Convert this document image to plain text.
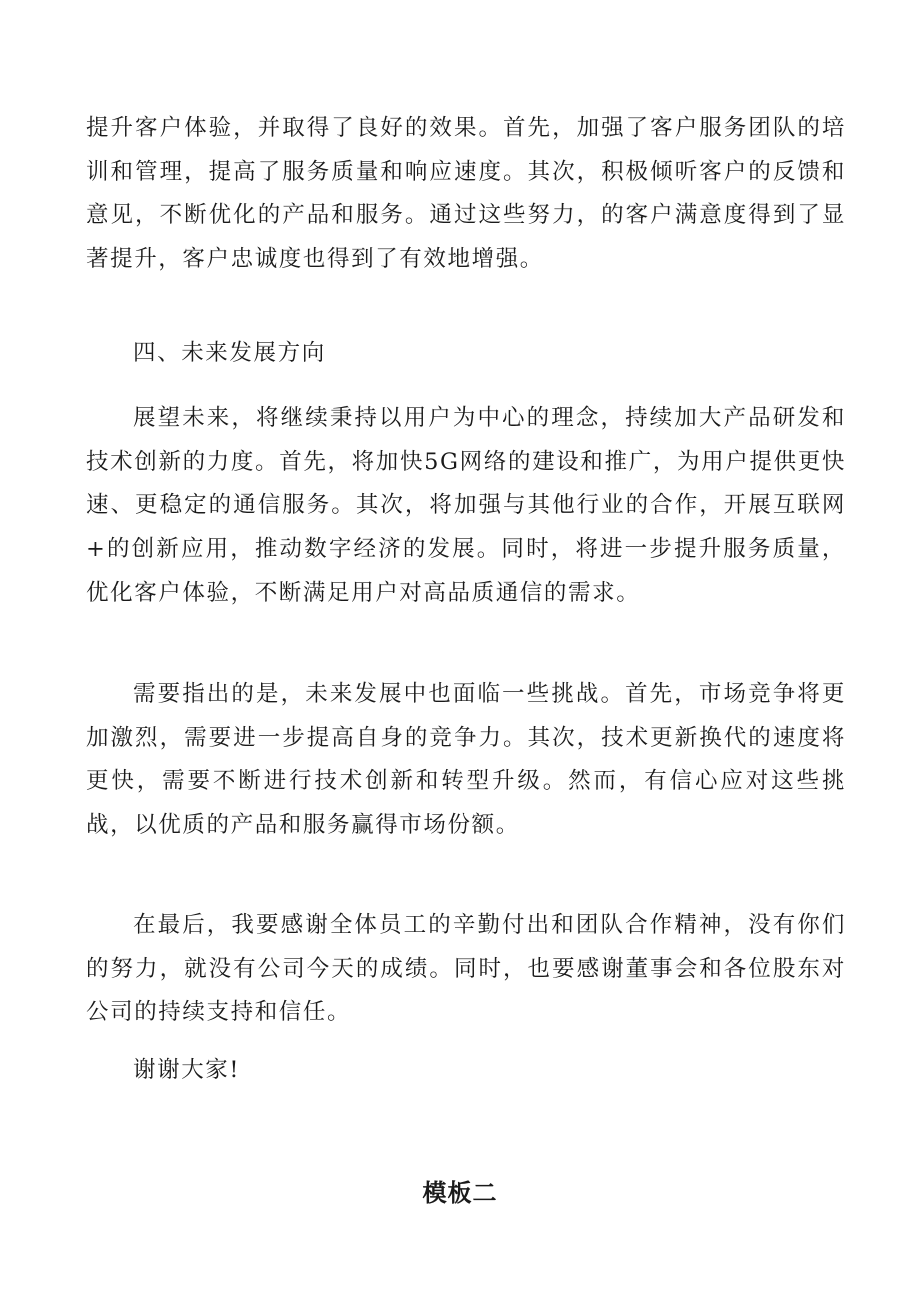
提升客户体验，并取得了良好的效果。首先，加强了客户服务团队的培训和管理，提高了服务质量和响应速度。其次，积极倾听客户的反馈和意见，不断优化的产品和服务。通过这些努力，的客户满意度得到了显著提升，客户忠诚度也得到了有效地增强。

四、未来发展方向

展望未来，将继续秉持以用户为中心的理念，持续加大产品研发和技术创新的力度。首先，将加快5G网络的建设和推广，为用户提供更快速、更稳定的通信服务。其次，将加强与其他行业的合作，开展互联网+的创新应用，推动数字经济的发展。同时，将进一步提升服务质量，优化客户体验，不断满足用户对高品质通信的需求。

需要指出的是，未来发展中也面临一些挑战。首先，市场竞争将更加激烈，需要进一步提高自身的竞争力。其次，技术更新换代的速度将更快，需要不断进行技术创新和转型升级。然而，有信心应对这些挑战，以优质的产品和服务赢得市场份额。

在最后，我要感谢全体员工的辛勤付出和团队合作精神，没有你们的努力，就没有公司今天的成绩。同时，也要感谢董事会和各位股东对公司的持续支持和信任。

谢谢大家!

模板二
